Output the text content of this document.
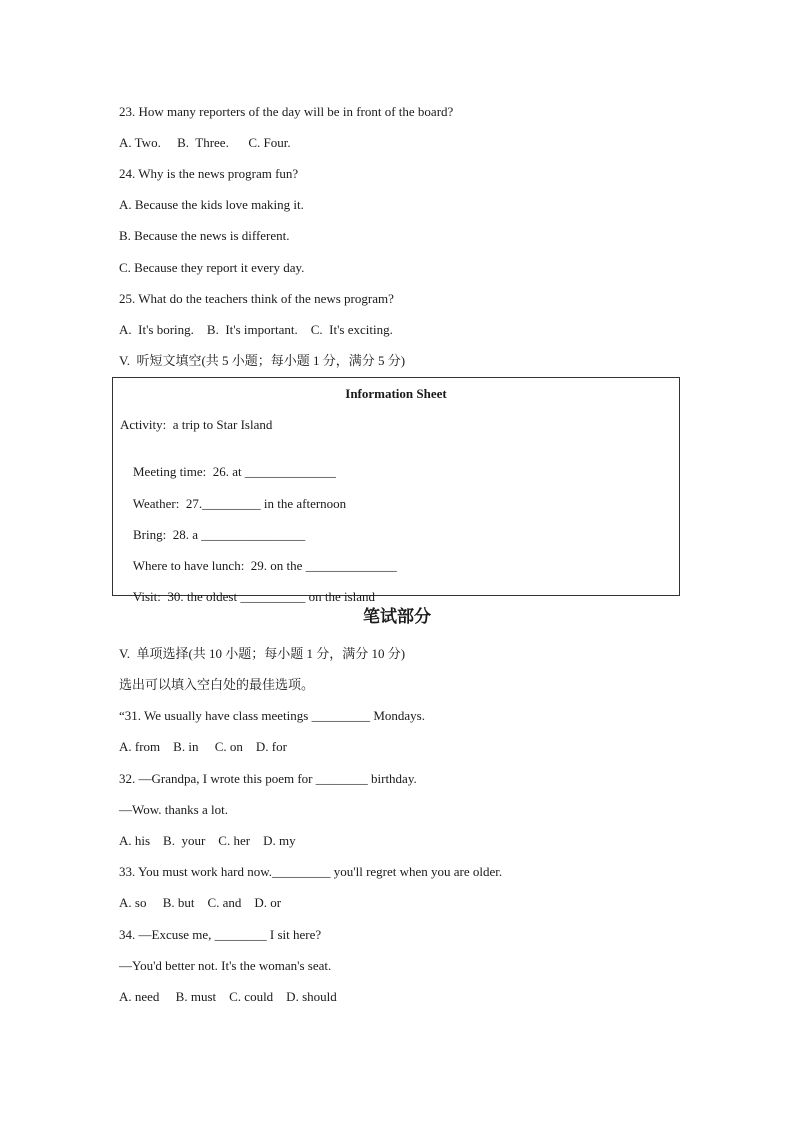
23. How many reporters of the day will be in front of the board?
A. Two.     B.  Three.      C. Four.
24. Why is the news program fun?
A. Because the kids love making it.
B. Because the news is different.
C. Because they report it every day.
25. What do the teachers think of the news program?
A.  It's boring.    B.  It's important.    C.  It's exciting.
V.  听短文填空(共 5 小题；每小题 1 分，满分 5 分)
Information Sheet
Activity:  a trip to Star Island

Meeting time:  26. at ______________

Weather:  27._________ in the afternoon

Bring:  28. a ________________

Where to have lunch:  29. on the ______________

Visit:  30. the oldest __________ on the island

笔试部分
V.  单项选择(共 10 小题；每小题 1 分，满分 10 分)
选出可以填入空白处的最佳选项。
“31. We usually have class meetings _________ Mondays.
A. from    B. in     C. on    D. for
32. —Grandpa, I wrote this poem for ________ birthday.
—Wow. thanks a lot.
A. his    B.  your    C. her    D. my
33. You must work hard now._________ you'll regret when you are older.
A. so     B. but    C. and    D. or
34. —Excuse me, ________ I sit here?
—You'd better not. It's the woman's seat.
A. need     B. must    C. could    D. should
